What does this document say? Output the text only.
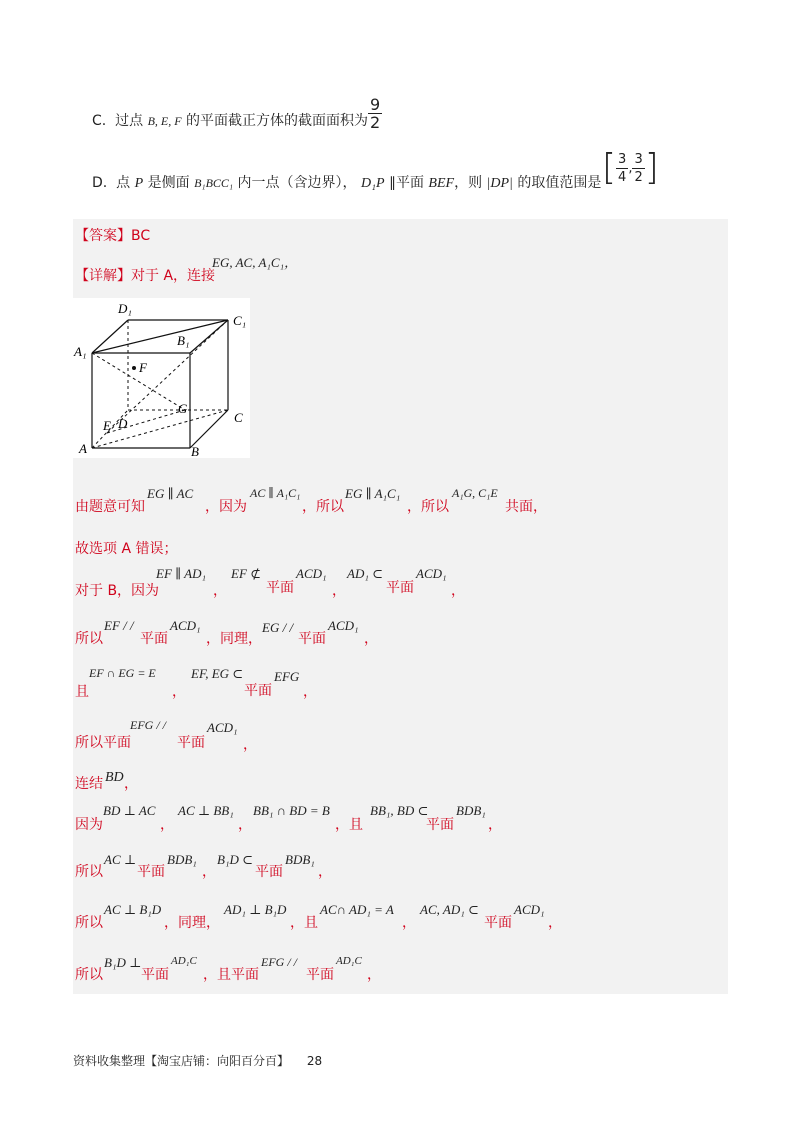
C. 过点 B, E, F 的平面截正方体的截面面积为 $\frac{9}{2}$
D. 点 P 是侧面 B₁BCC₁ 内一点（含边界）， D₁P ∥平面 BEF，则 |DP| 的取值范围是 [ $\frac{3}{4}$ , $\frac{3}{2}$ ]
【答案】BC
【详解】对于 A，连接
EG, AC, A₁C₁，
D₁
C₁
B₁
A₁
F
G
C
E D
A	B
由题意可知
EG ∥ AC
，因为
AC ∥ A₁C₁
，所以
EG ∥ A₁C₁
，所以
A₁G, C₁E
共面，
故选项 A 错误；
对于 B，因为
EF ∥ AD₁
，
EF ⊄
平面
ACD₁
，
AD₁ ⊂
平面
ACD₁
，
所以
EF / /
平面
ACD₁
，同理，
EG / /
平面
ACD₁
，
且
EF ∩ EG = E
，
EF, EG ⊂
平面
EFG
，
所以平面
EFG / /
平面
ACD₁
，
连结 BD ，
因为
BD ⊥ AC
，
AC ⊥ BB₁
，
BB₁ ∩ BD = B
，且
BB₁, BD ⊂
平面
BDB₁
，
所以
AC ⊥
平面
BDB₁
，
B₁D ⊂
平面
BDB₁
，
所以
AC ⊥ B₁D
，同理，
AD₁ ⊥ B₁D
，且
AC∩ AD₁ = A
，
AC, AD₁ ⊂
平面
ACD₁
，
所以
B₁D ⊥
平面
AD₁C
，且平面
EFG / /
平面
AD₁C
，
资料收集整理【淘宝店铺：向阳百分百】 28
